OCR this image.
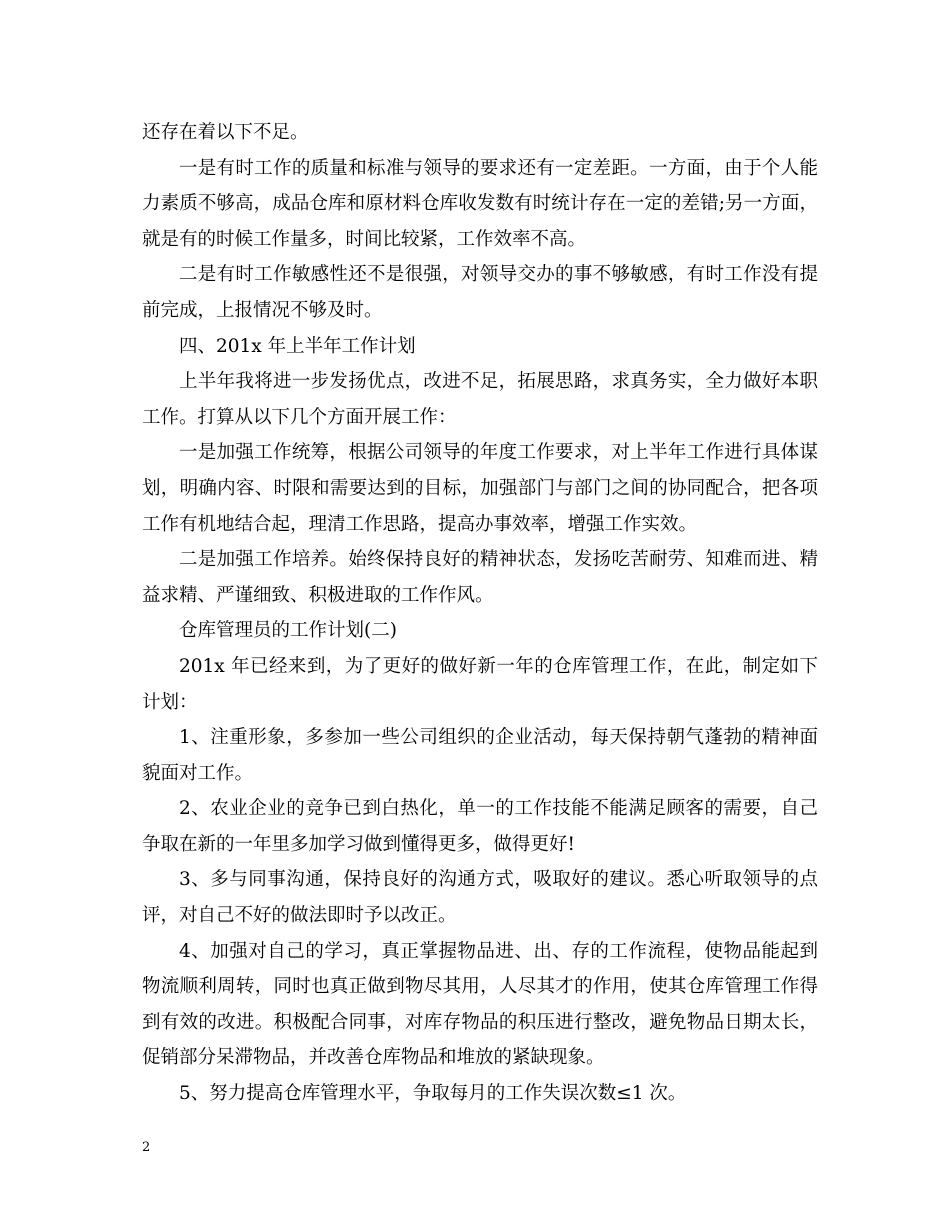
还存在着以下不足。

一是有时工作的质量和标准与领导的要求还有一定差距。一方面，由于个人能力素质不够高，成品仓库和原材料仓库收发数有时统计存在一定的差错;另一方面，就是有的时候工作量多，时间比较紧，工作效率不高。

二是有时工作敏感性还不是很强，对领导交办的事不够敏感，有时工作没有提前完成，上报情况不够及时。

四、201x 年上半年工作计划

上半年我将进一步发扬优点，改进不足，拓展思路，求真务实，全力做好本职工作。打算从以下几个方面开展工作：

一是加强工作统筹，根据公司领导的年度工作要求，对上半年工作进行具体谋划，明确内容、时限和需要达到的目标，加强部门与部门之间的协同配合，把各项工作有机地结合起，理清工作思路，提高办事效率，增强工作实效。

二是加强工作培养。始终保持良好的精神状态，发扬吃苦耐劳、知难而进、精益求精、严谨细致、积极进取的工作作风。

仓库管理员的工作计划(二)

201x 年已经来到，为了更好的做好新一年的仓库管理工作，在此，制定如下计划：

1、注重形象，多参加一些公司组织的企业活动，每天保持朝气蓬勃的精神面貌面对工作。

2、农业企业的竞争已到白热化，单一的工作技能不能满足顾客的需要，自己争取在新的一年里多加学习做到懂得更多，做得更好!

3、多与同事沟通，保持良好的沟通方式，吸取好的建议。悉心听取领导的点评，对自己不好的做法即时予以改正。

4、加强对自己的学习，真正掌握物品进、出、存的工作流程，使物品能起到物流顺利周转，同时也真正做到物尽其用，人尽其才的作用，使其仓库管理工作得到有效的改进。积极配合同事，对库存物品的积压进行整改，避免物品日期太长，促销部分呆滞物品，并改善仓库物品和堆放的紧缺现象。

5、努力提高仓库管理水平，争取每月的工作失误次数≤1 次。

2
